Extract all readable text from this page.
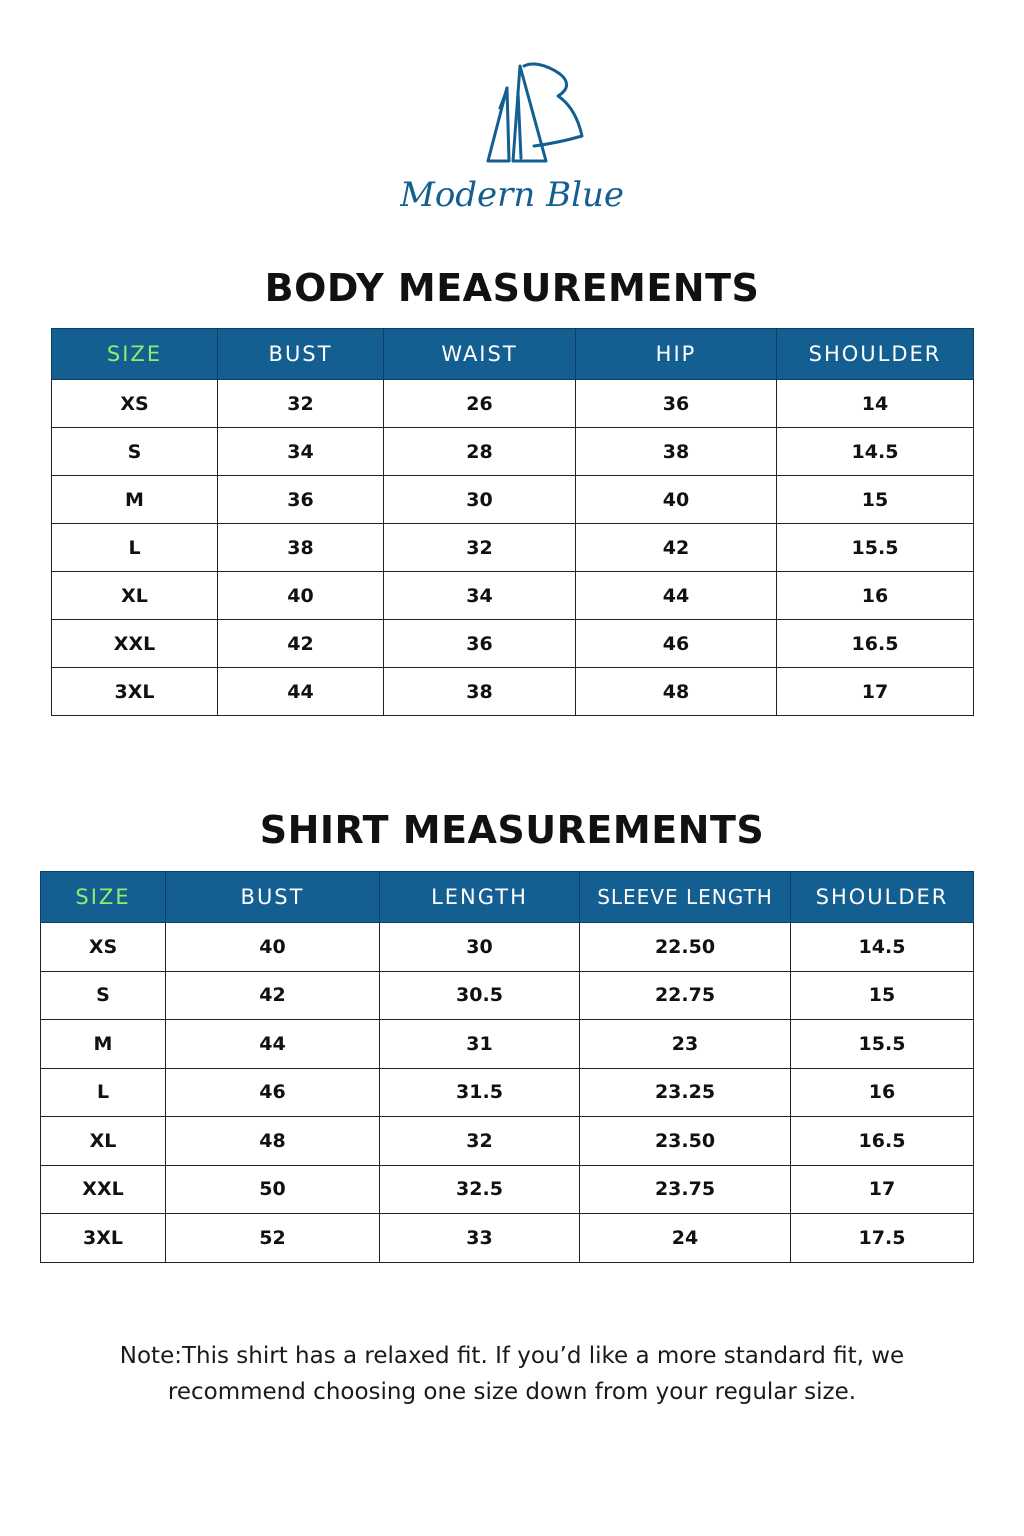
Modern Blue
BODY MEASUREMENTS
SIZE	BUST	WAIST	HIP	SHOULDER
XS	32	26	36	14
S	34	28	38	14.5
M	36	30	40	15
L	38	32	42	15.5
XL	40	34	44	16
XXL	42	36	46	16.5
3XL	44	38	48	17
SHIRT MEASUREMENTS
SIZE	BUST	LENGTH	SLEEVE LENGTH	SHOULDER
XS	40	30	22.50	14.5
S	42	30.5	22.75	15
M	44	31	23	15.5
L	46	31.5	23.25	16
XL	48	32	23.50	16.5
XXL	50	32.5	23.75	17
3XL	52	33	24	17.5

Note:This shirt has a relaxed fit. If you’d like a more standard fit, we recommend choosing one size down from your regular size.
